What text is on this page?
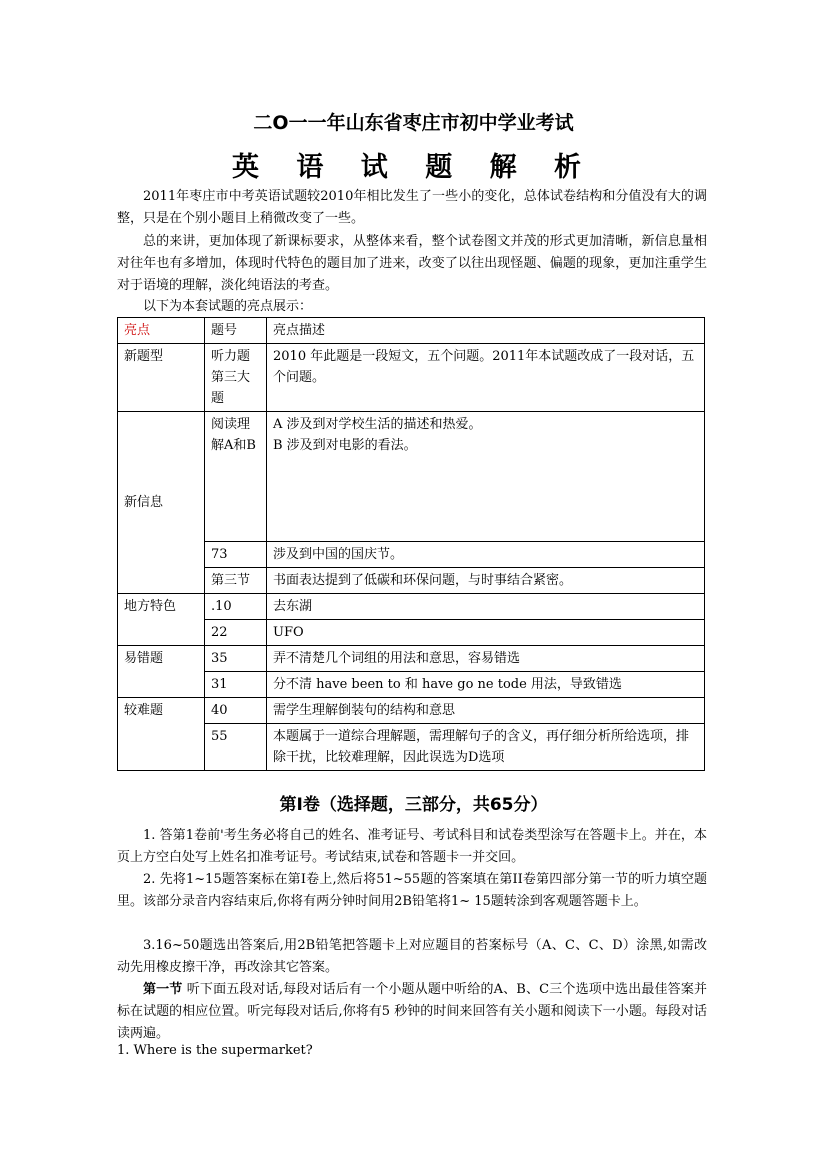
二O一一年山东省枣庄市初中学业考试
英 语 试 题 解 析

2011年枣庄市中考英语试题较2010年相比发生了一些小的变化，总体试卷结构和分值没有大的调整，只是在个别小题目上稍微改变了一些。

总的来讲，更加体现了新课标要求，从整体来看，整个试卷图文并茂的形式更加清晰，新信息量相对往年也有多增加，体现时代特色的题目加了进来，改变了以往出现怪题、偏题的现象，更加注重学生对于语境的理解，淡化纯语法的考查。

以下为本套试题的亮点展示：

亮点	题号	亮点描述
新题型	听力题第三大题	2010 年此题是一段短文，五个问题。2011年本试题改成了一段对话，五个问题。
新信息	阅读理解A和B	A 涉及到对学校生活的描述和热爱。
B 涉及到对电影的看法。

	73	涉及到中国的国庆节。
	第三节	书面表达提到了低碳和环保问题，与时事结合紧密。
地方特色	.10	去东湖
	22	UFO
易错题	35	弄不清楚几个词组的用法和意思，容易错选
	31	分不清 have been to 和 have go ne tode 用法，导致错选
较难题	40	需学生理解倒装句的结构和意思
	55	本题属于一道综合理解题，需理解句子的含义，再仔细分析所给选项，排除干扰，比较难理解，因此误选为D选项
第I卷（选择题，三部分，共65分）

1. 答第1卷前'考生务必将自己的姓名、准考证号、考试科目和试卷类型涂写在答题卡上。并在，本页上方空白处写上姓名扣准考证号。考试结束,试卷和答题卡一并交回。

2. 先将1~15题答案标在第I卷上,然后将51~55题的答案填在第II卷第四部分第一节的听力填空题里。该部分录音内容结束后,你将有两分钟时间用2B铅笔将1~ 15题转涂到客观题答题卡上。

3.16~50题选出答案后,用2B铅笔把答题卡上对应题目的苔案标号（A、C、C、D）涂黑,如需改动先用橡皮擦干净，再改涂其它答案。

第一节 听下面五段对话,每段对话后有一个小题从题中听给的A、B、C三个选项中选出最佳答案并标在试题的相应位置。听完每段对话后,你将有5 秒钟的时间来回答有关小题和阅读下一小题。每段对话读两遍。

1. Where is the supermarket?
